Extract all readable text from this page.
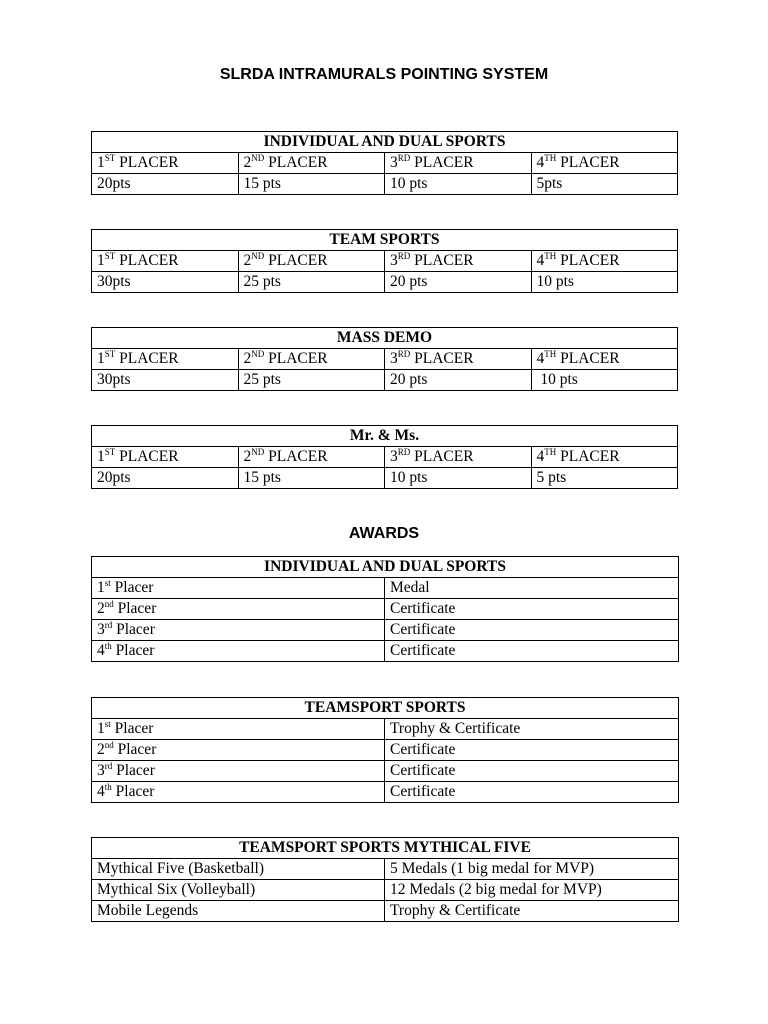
SLRDA INTRAMURALS POINTING SYSTEM
INDIVIDUAL AND DUAL SPORTS			
1ST PLACER	2ND PLACER	3RD PLACER	4TH PLACER
20pts	15 pts	10 pts	5pts
TEAM SPORTS			
1ST PLACER	2ND PLACER	3RD PLACER	4TH PLACER
30pts	25 pts	20 pts	10 pts
MASS DEMO			
1ST PLACER	2ND PLACER	3RD PLACER	4TH PLACER
30pts	25 pts	20 pts	10 pts
Mr. & Ms.			
1ST PLACER	2ND PLACER	3RD PLACER	4TH PLACER
20pts	15 pts	10 pts	5 pts
AWARDS
INDIVIDUAL AND DUAL SPORTS	
1st Placer	Medal
2nd Placer	Certificate
3rd Placer	Certificate
4th Placer	Certificate
TEAMSPORT SPORTS	
1st Placer	Trophy & Certificate
2nd Placer	Certificate
3rd Placer	Certificate
4th Placer	Certificate
TEAMSPORT SPORTS MYTHICAL FIVE	
Mythical Five (Basketball)	5 Medals (1 big medal for MVP)
Mythical Six (Volleyball)	12 Medals (2 big medal for MVP)
Mobile Legends	Trophy & Certificate
